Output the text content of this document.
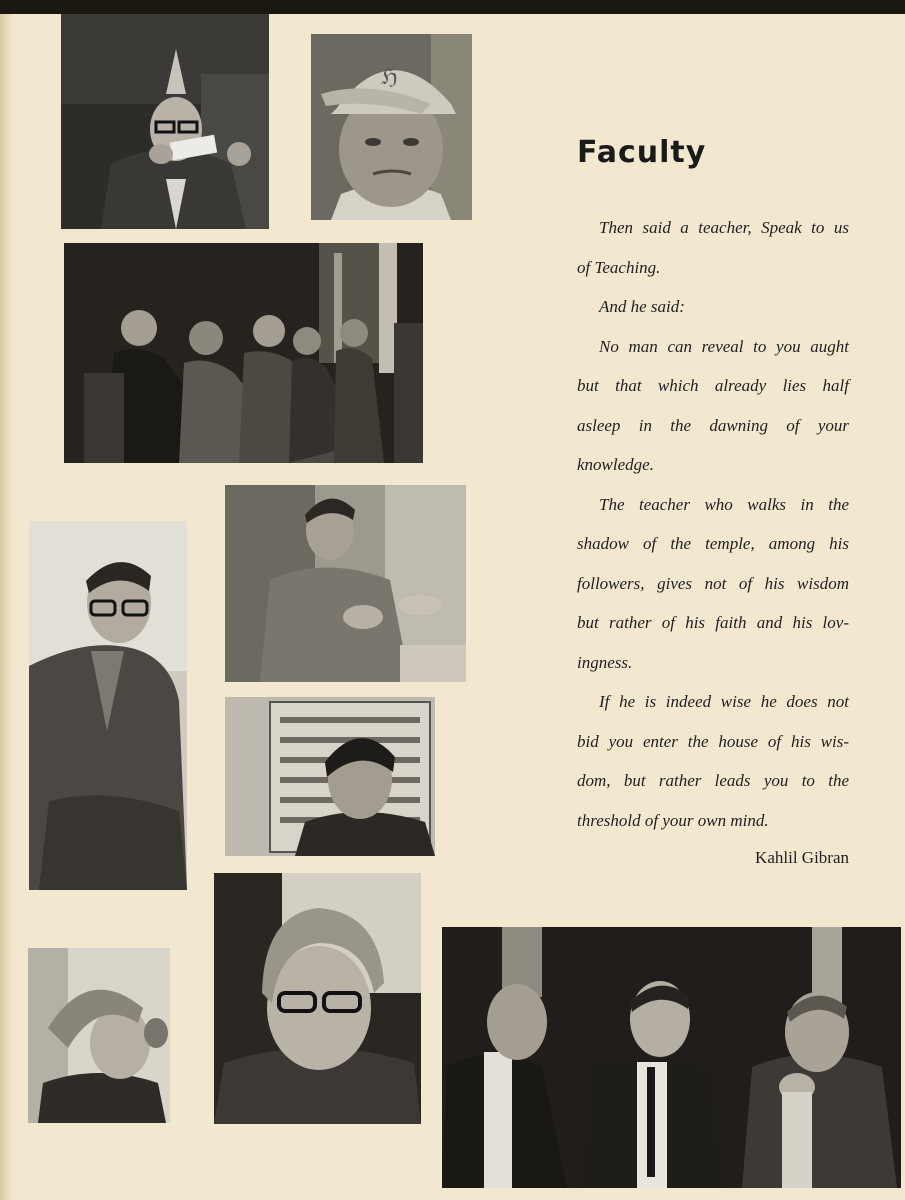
ℌ
Faculty
Then said a teacher, Speak to us
of Teaching.
And he said:
No man can reveal to you aught
but that which already lies half
asleep in the dawning of your
knowledge.
The teacher who walks in the
shadow of the temple, among his
followers, gives not of his wisdom
but rather of his faith and his lov-
ingness.
If he is indeed wise he does not
bid you enter the house of his wis-
dom, but rather leads you to the
threshold of your own mind.
Kahlil Gibran
